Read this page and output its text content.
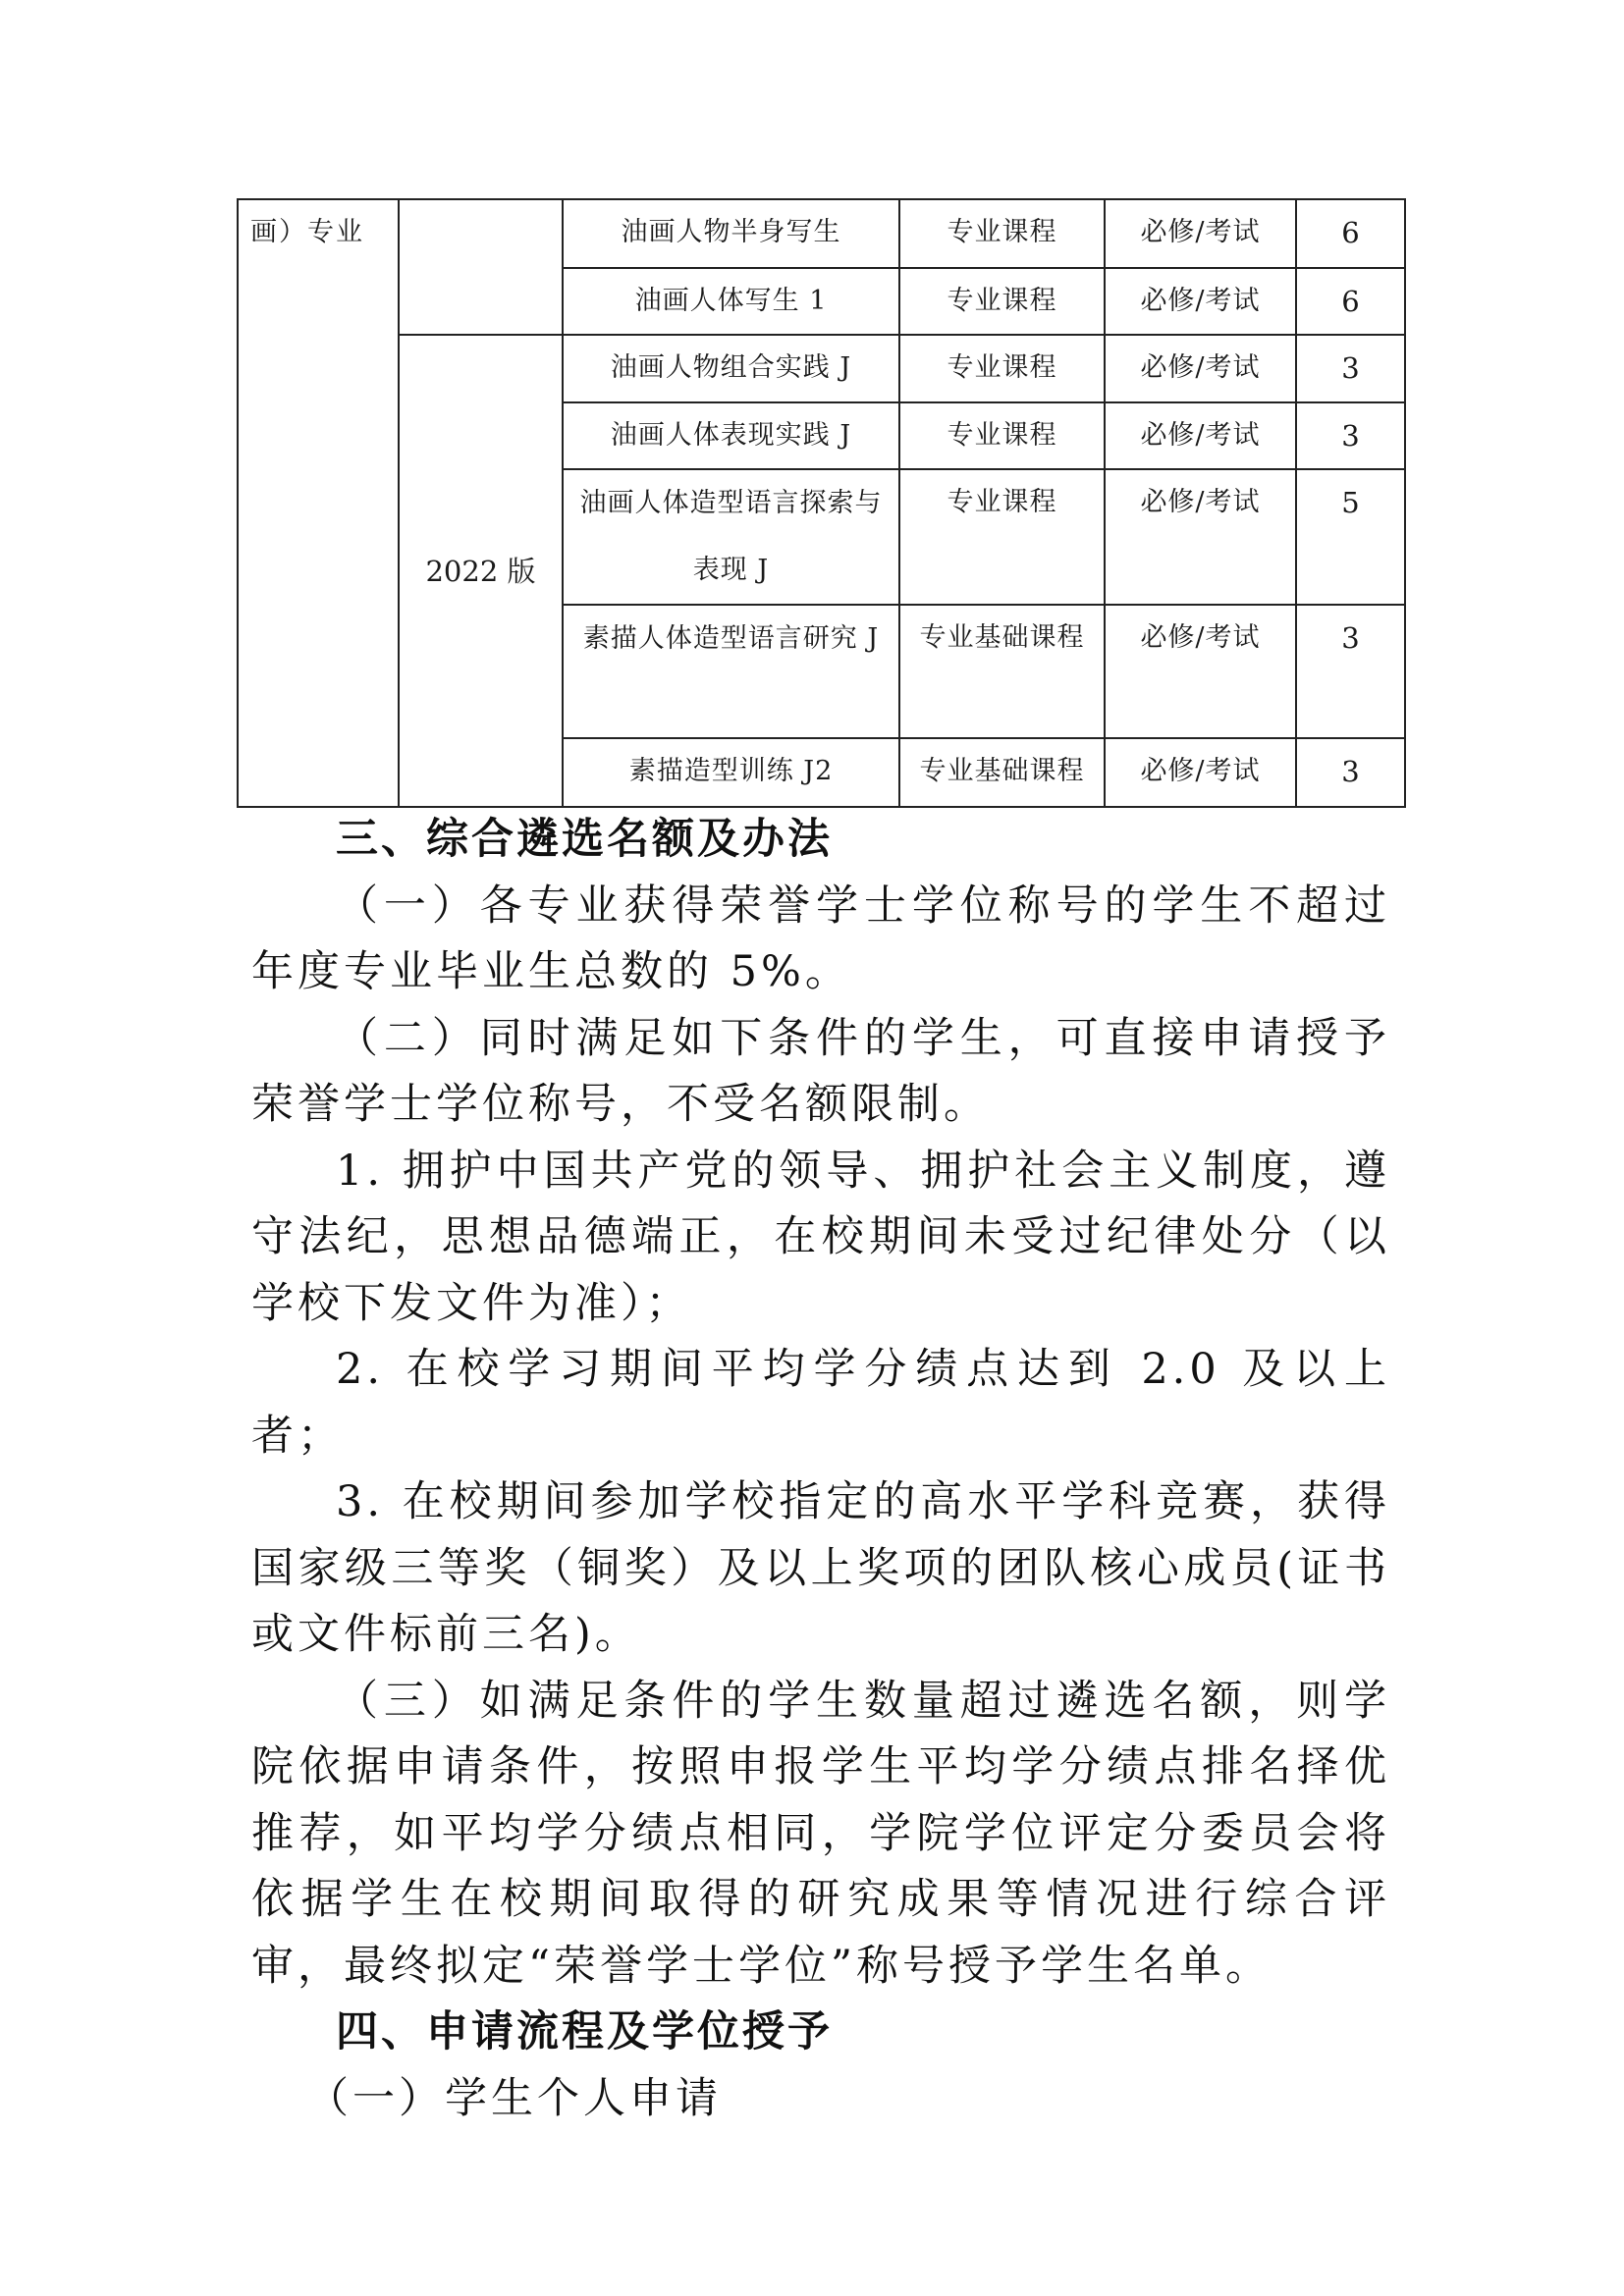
画）专业		油画人物半身写生	专业课程	必修/考试	6
		油画人体写生 1	专业课程	必修/考试	6
	2022 版	油画人物组合实践 J	专业课程	必修/考试	3
		油画人体表现实践 J	专业课程	必修/考试	3
		油画人体造型语言探索与表现 J	专业课程	必修/考试	5
		素描人体造型语言研究 J	专业基础课程	必修/考试	3
		素描造型训练 J2	专业基础课程	必修/考试	3

三、综合遴选名额及办法

（一）各专业获得荣誉学士学位称号的学生不超过年度专业毕业生总数的 5%。

（二）同时满足如下条件的学生，可直接申请授予荣誉学士学位称号，不受名额限制。

1. 拥护中国共产党的领导、拥护社会主义制度，遵守法纪，思想品德端正，在校期间未受过纪律处分（以学校下发文件为准）；

2. 在校学习期间平均学分绩点达到 2.0 及以上者；

3. 在校期间参加学校指定的高水平学科竞赛，获得国家级三等奖（铜奖）及以上奖项的团队核心成员(证书或文件标前三名)。

（三）如满足条件的学生数量超过遴选名额，则学院依据申请条件，按照申报学生平均学分绩点排名择优推荐，如平均学分绩点相同，学院学位评定分委员会将依据学生在校期间取得的研究成果等情况进行综合评审，最终拟定“荣誉学士学位”称号授予学生名单。

四、申请流程及学位授予

（一）学生个人申请
